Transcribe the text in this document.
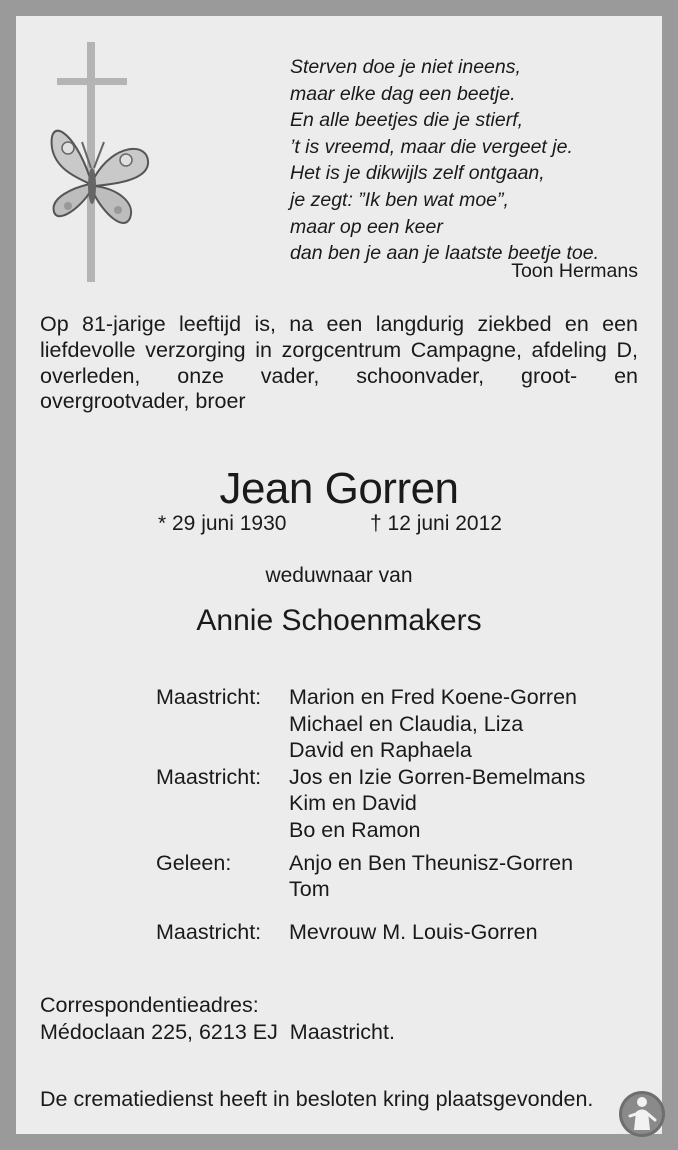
Sterven doe je niet ineens,
maar elke dag een beetje.
En alle beetjes die je stierf,
’t is vreemd, maar die vergeet je.
Het is je dikwijls zelf ontgaan,
je zegt: ”Ik ben wat moe”,
maar op een keer
dan ben je aan je laatste beetje toe.
Toon Hermans
Op 81-jarige leeftijd is, na een langdurig ziekbed en een liefdevolle verzorging in zorgcentrum Campagne, afdeling D, overleden, onze vader, schoonvader, groot- en overgrootvader, broer
Jean Gorren
* 29 juni 1930	† 12 juni 2012
weduwnaar van
Annie Schoenmakers
Maastricht:	Marion en Fred Koene-Gorren
Michael en Claudia, Liza
David en Raphaela
Maastricht:	Jos en Izie Gorren-Bemelmans
Kim en David
Bo en Ramon
Geleen:	Anjo en Ben Theunisz-Gorren
Tom
Maastricht:	Mevrouw M. Louis-Gorren
Correspondentieadres:
Médoclaan 225, 6213 EJ  Maastricht.
De crematiedienst heeft in besloten kring plaatsgevonden.
